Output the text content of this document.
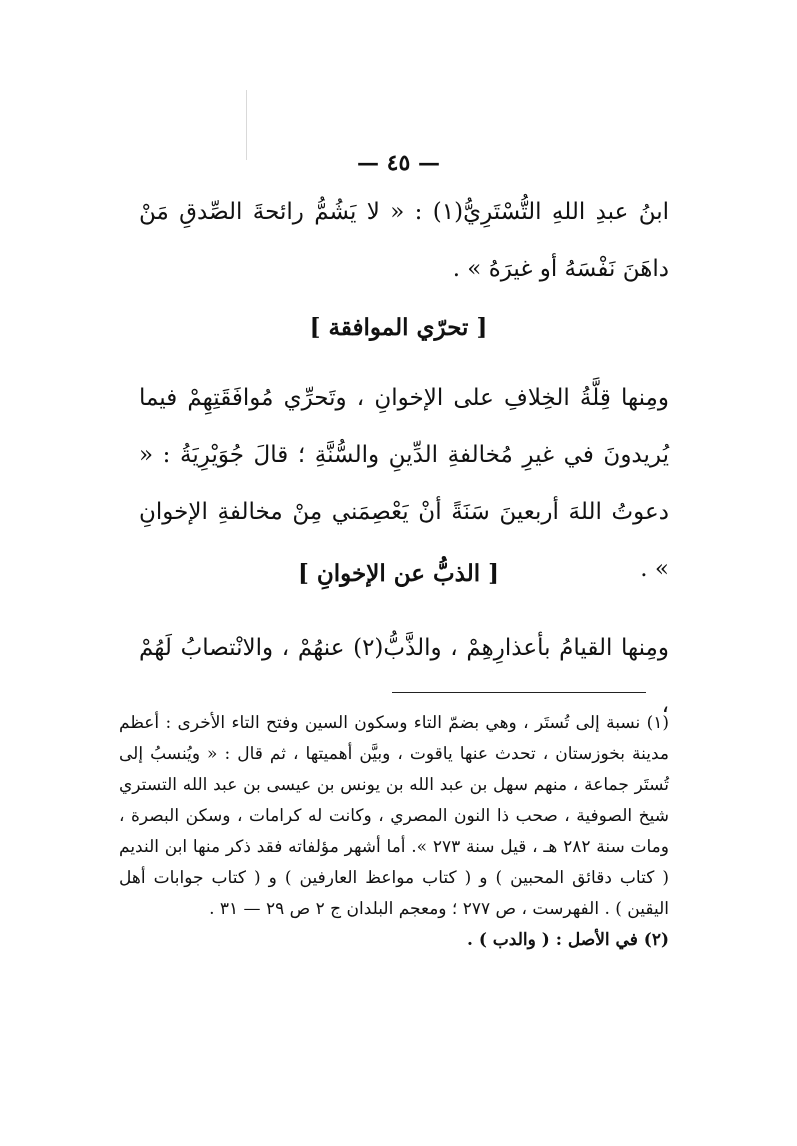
— ٤٥ —
ابنُ عبدِ اللهِ التُّسْتَرِيُّ(١) : « لا يَشُمُّ رائحةَ الصِّدقِ مَنْ داهَنَ نَفْسَهُ أو غيرَهُ » .
[ تحرّي الموافقة ]
ومِنها قِلَّةُ الخِلافِ على الإخوانِ ، وتَحرِّي مُوافَقَتِهِمْ فيما يُريدونَ في غيرِ مُخالفةِ الدِّينِ والسُّنَّةِ ؛ قالَ جُوَيْرِيَةُ : « دعوتُ اللهَ أربعينَ سَنَةً أنْ يَعْصِمَني مِنْ مخالفةِ الإخوانِ » .
[ الذبُّ عن الإخوانِ ]
ومِنها القيامُ بأعذارِهِمْ ، والذَّبُّ(٢) عنهُمْ ، والانْتصابُ لَهُمْ ،

(١) نسبة إلى تُستَر ، وهي بضمّ التاء وسكون السين وفتح التاء الأخرى : أعظم مدينة بخوزستان ، تحدث عنها ياقوت ، وبيَّن أهميتها ، ثم قال : « ويُنسبُ إلى تُستَر جماعة ، منهم سهل بن عبد الله بن يونس بن عيسى بن عبد الله التستري شيخ الصوفية ، صحب ذا النون المصري ، وكانت له كرامات ، وسكن البصرة ، ومات سنة ٢٨٢ هـ ، قيل سنة ٢٧٣ ». أما أشهر مؤلفاته فقد ذكر منها ابن النديم ( كتاب دقائق المحبين ) و ( كتاب مواعظ العارفين ) و ( كتاب جوابات أهل اليقين ) . الفهرست ، ص ٢٧٧ ؛ ومعجم البلدان ج ٢ ص ٢٩ — ٣١ .

(٢) في الأصل : ( والدب ) .
